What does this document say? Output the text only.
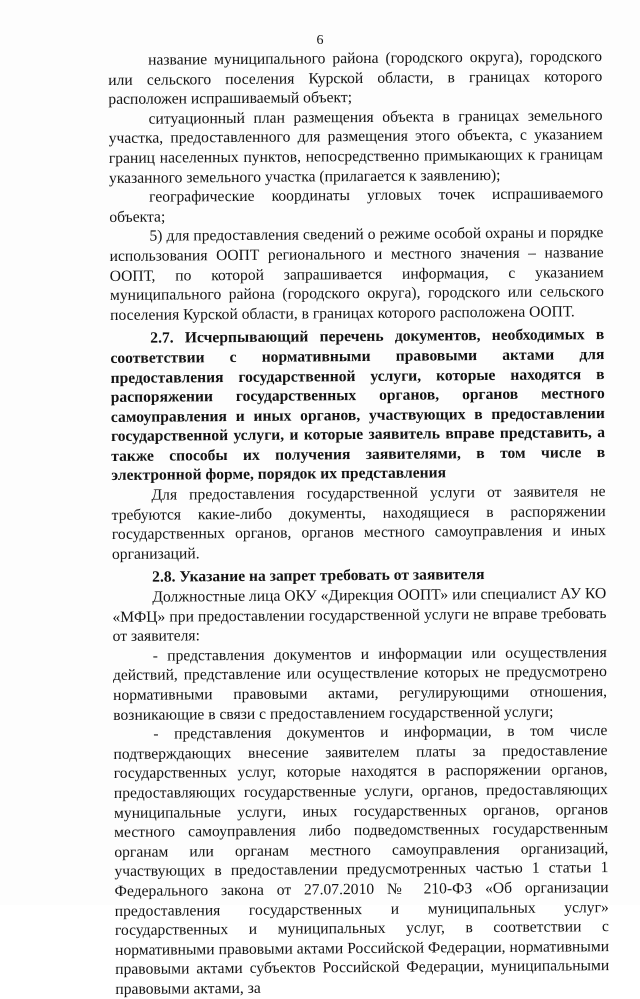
6

название муниципального района (городского округа), городского или сельского поселения Курской области, в границах которого расположен испрашиваемый объект;

ситуационный план размещения объекта в границах земельного участка, предоставленного для размещения этого объекта, с указанием границ населенных пунктов, непосредственно примыкающих к границам указанного земельного участка (прилагается к заявлению);

географические координаты угловых точек испрашиваемого объекта;

5) для предоставления сведений о режиме особой охраны и порядке использования ООПТ регионального и местного значения – название ООПТ, по которой запрашивается информация, с указанием муниципального района (городского округа), городского или сельского поселения Курской области, в границах которого расположена ООПТ.

2.7. Исчерпывающий перечень документов, необходимых в соответствии с нормативными правовыми актами для предоставления государственной услуги, которые находятся в распоряжении государственных органов, органов местного самоуправления и иных органов, участвующих в предоставлении государственной услуги, и которые заявитель вправе представить, а также способы их получения заявителями, в том числе в электронной форме, порядок их представления

Для предоставления государственной услуги от заявителя не требуются какие-либо документы, находящиеся в распоряжении государственных органов, органов местного самоуправления и иных организаций.

2.8. Указание на запрет требовать от заявителя

Должностные лица ОКУ «Дирекция ООПТ» или специалист АУ КО «МФЦ» при предоставлении государственной услуги не вправе требовать от заявителя:

- представления документов и информации или осуществления действий, представление или осуществление которых не предусмотрено нормативными правовыми актами, регулирующими отношения, возникающие в связи с предоставлением государственной услуги;

- представления документов и информации, в том числе подтверждающих внесение заявителем платы за предоставление государственных услуг, которые находятся в распоряжении органов, предоставляющих государственные услуги, органов, предоставляющих муниципальные услуги, иных государственных органов, органов местного самоуправления либо подведомственных государственным органам или органам местного самоуправления организаций, участвующих в предоставлении предусмотренных частью 1 статьи 1 Федерального закона от 27.07.2010 № 210-ФЗ «Об организации предоставления государственных и муниципальных услуг» государственных и муниципальных услуг, в соответствии с нормативными правовыми актами Российской Федерации, нормативными правовыми актами субъектов Российской Федерации, муниципальными правовыми актами, за
